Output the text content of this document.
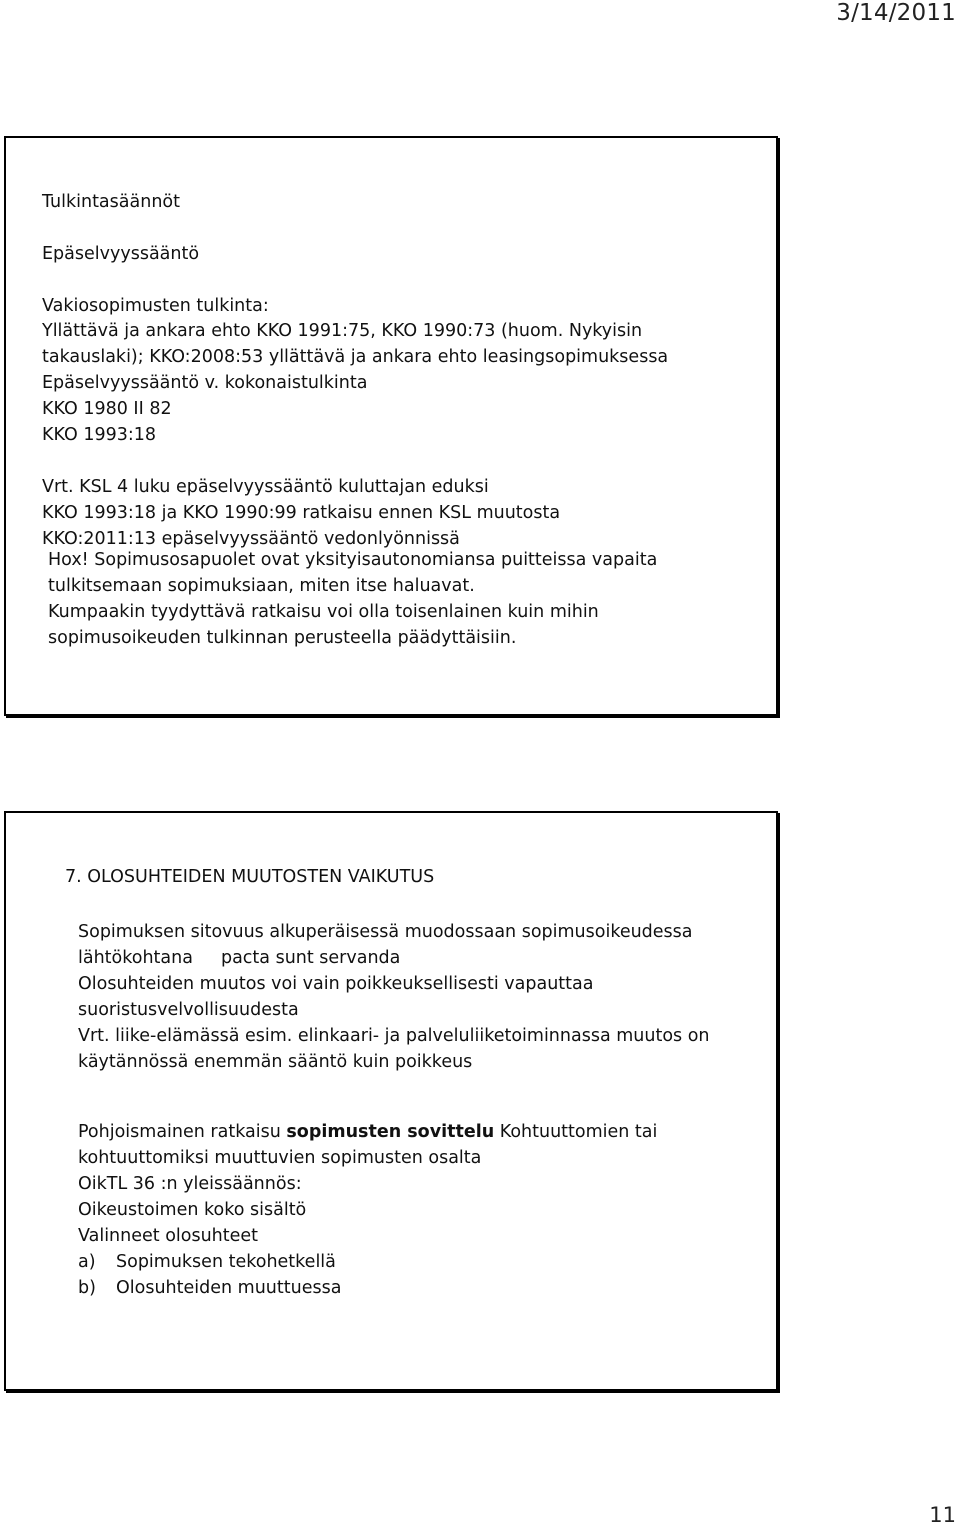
3/14/2011
Tulkintasäännöt
Epäselvyyssääntö
Vakiosopimusten tulkinta:
Yllättävä ja ankara ehto KKO 1991:75, KKO 1990:73 (huom. Nykyisin
takauslaki); KKO:2008:53 yllättävä ja ankara ehto leasingsopimuksessa
Epäselvyyssääntö v. kokonaistulkinta
KKO 1980 II 82
KKO 1993:18
Vrt. KSL 4 luku epäselvyyssääntö kuluttajan eduksi
KKO 1993:18 ja KKO 1990:99 ratkaisu ennen KSL muutosta
KKO:2011:13 epäselvyyssääntö vedonlyönnissä
Hox! Sopimusosapuolet ovat yksityisautonomiansa puitteissa vapaita
tulkitsemaan sopimuksiaan, miten itse haluavat.
Kumpaakin tyydyttävä ratkaisu voi olla toisenlainen kuin mihin
sopimusoikeuden tulkinnan perusteella päädyttäisiin.
7. OLOSUHTEIDEN MUUTOSTEN VAIKUTUS
Sopimuksen sitovuus alkuperäisessä muodossaan sopimusoikeudessa
lähtökohtana pacta sunt servanda
Olosuhteiden muutos voi vain poikkeuksellisesti vapauttaa
suoristusvelvollisuudesta
Vrt. liike-elämässä esim. elinkaari- ja palveluliiketoiminnassa muutos on
käytännössä enemmän sääntö kuin poikkeus
Pohjoismainen ratkaisu sopimusten sovittelu Kohtuuttomien tai
kohtuuttomiksi muuttuvien sopimusten osalta
OikTL 36 :n yleissäännös:
Oikeustoimen koko sisältö
Valinneet olosuhteet
a) Sopimuksen tekohetkellä
b) Olosuhteiden muuttuessa
11
